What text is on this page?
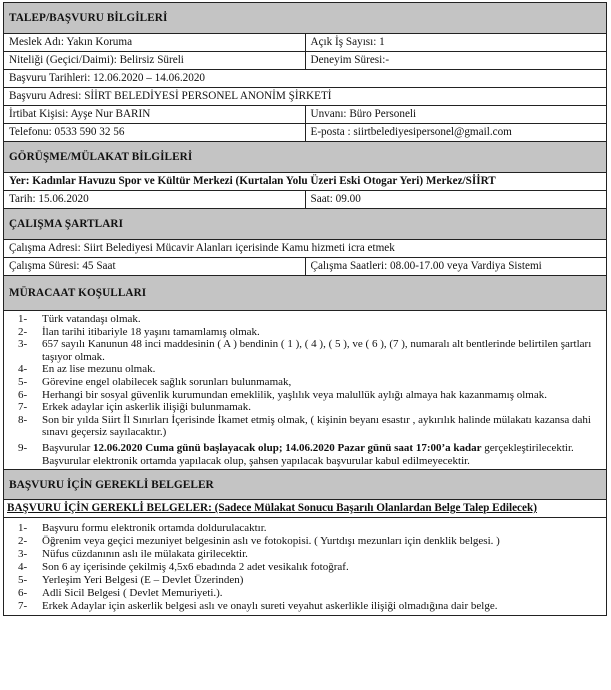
TALEP/BAŞVURU BİLGİLERİ	
Meslek Adı: Yakın Koruma	Açık İş Sayısı: 1
Niteliği (Geçici/Daimi): Belirsiz Süreli	Deneyim Süresi:-
Başvuru Tarihleri: 12.06.2020 – 14.06.2020	
Başvuru Adresi: SİİRT BELEDİYESİ PERSONEL ANONİM ŞİRKETİ	
İrtibat Kişisi: Ayşe Nur BARIN	Unvanı: Büro Personeli
Telefonu: 0533 590 32 56	E-posta : siirtbelediyesipersonel@gmail.com
GÖRÜŞME/MÜLAKAT BİLGİLERİ	
Yer: Kadınlar Havuzu Spor ve Kültür Merkezi (Kurtalan Yolu Üzeri Eski Otogar Yeri) Merkez/SİİRT	
Tarih: 15.06.2020	Saat: 09.00
ÇALIŞMA ŞARTLARI	
Çalışma Adresi: Siirt Belediyesi Mücavir Alanları içerisinde Kamu hizmeti icra etmek	
Çalışma Süresi: 45 Saat	Çalışma Saatleri: 08.00-17.00 veya Vardiya Sistemi
MÜRACAAT KOŞULLARI	
1-	Türk vatandaşı olmak.
2-	İlan tarihi itibariyle 18 yaşını tamamlamış olmak.
3-	657 sayılı Kanunun 48 inci maddesinin ( A ) bendinin ( 1 ), ( 4 ), ( 5 ), ve ( 6 ), (7 ), numaralı alt bentlerinde belirtilen şartları taşıyor olmak.
4-	En az lise mezunu olmak.
5-	Görevine engel olabilecek sağlık sorunları bulunmamak,
6-	Herhangi bir sosyal güvenlik kurumundan emeklilik, yaşlılık veya malullük aylığı almaya hak kazanmamış olmak.
7-	Erkek adaylar için askerlik ilişiği bulunmamak.
8-	Son bir yılda Siirt İl Sınırları İçerisinde İkamet etmiş olmak, ( kişinin beyanı esastır , aykırılık halinde mülakatı kazansa dahi sınavı geçersiz sayılacaktır.)
9-	Başvurular 12.06.2020 Cuma günü başlayacak olup; 14.06.2020 Pazar günü saat 17:00’a kadar gerçekleştirilecektir. Başvurular elektronik ortamda yapılacak olup, şahsen yapılacak başvurular kabul edilmeyecektir.
BAŞVURU İÇİN GEREKLİ BELGELER
BAŞVURU İÇİN GEREKLİ BELGELER: (Sadece Mülakat Sonucu Başarılı Olanlardan Belge Talep Edilecek)
1-	Başvuru formu elektronik ortamda doldurulacaktır.
2-	Öğrenim veya geçici mezuniyet belgesinin aslı ve fotokopisi. ( Yurtdışı mezunları için denklik belgesi. )
3-	Nüfus cüzdanının aslı ile mülakata girilecektir.
4-	Son 6 ay içerisinde çekilmiş 4,5x6 ebadında 2 adet vesikalık fotoğraf.
5-	Yerleşim Yeri Belgesi (E – Devlet Üzerinden)
6-	Adli Sicil Belgesi ( Devlet Memuriyeti.).
7-	Erkek Adaylar için askerlik belgesi aslı ve onaylı sureti veyahut askerlikle ilişiği olmadığına dair belge.
